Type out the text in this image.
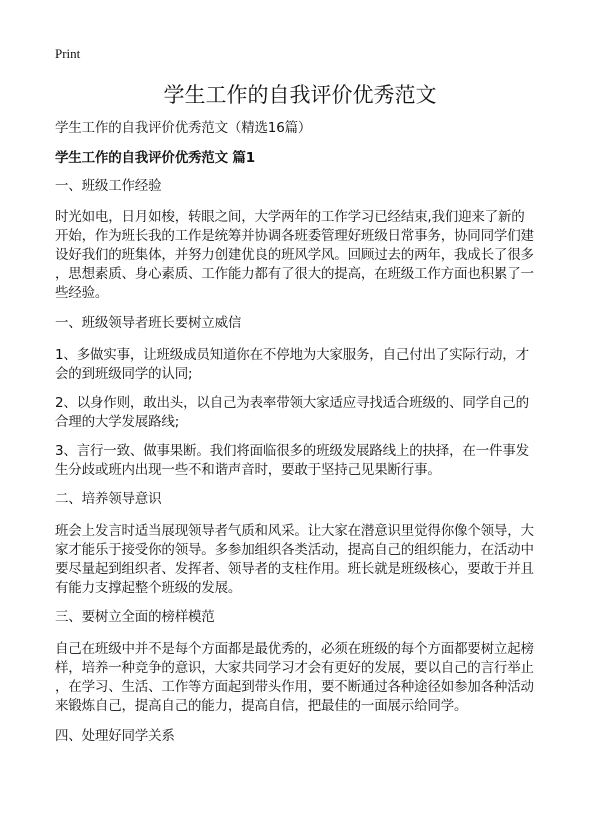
Print
学生工作的自我评价优秀范文
学生工作的自我评价优秀范文（精选16篇）
学生工作的自我评价优秀范文 篇1
一、班级工作经验
时光如电，日月如梭，转眼之间，大学两年的工作学习已经结束,我们迎来了新的
开始，作为班长我的工作是统筹并协调各班委管理好班级日常事务，协同同学们建
设好我们的班集体，并努力创建优良的班风学风。回顾过去的两年，我成长了很多
，思想素质、身心素质、工作能力都有了很大的提高，在班级工作方面也积累了一
些经验。
一、班级领导者班长要树立威信
1、多做实事，让班级成员知道你在不停地为大家服务，自己付出了实际行动，才
会的到班级同学的认同;
2、以身作则，敢出头，以自己为表率带领大家适应寻找适合班级的、同学自己的
合理的大学发展路线;
3、言行一致、做事果断。我们将面临很多的班级发展路线上的抉择，在一件事发
生分歧或班内出现一些不和谐声音时，要敢于坚持己见果断行事。
二、培养领导意识
班会上发言时适当展现领导者气质和风采。让大家在潜意识里觉得你像个领导，大
家才能乐于接受你的领导。多参加组织各类活动，提高自己的组织能力，在活动中
要尽量起到组织者、发挥者、领导者的支柱作用。班长就是班级核心，要敢于并且
有能力支撑起整个班级的发展。
三、要树立全面的榜样模范
自己在班级中并不是每个方面都是最优秀的，必须在班级的每个方面都要树立起榜
样，培养一种竞争的意识，大家共同学习才会有更好的发展，要以自己的言行举止
，在学习、生活、工作等方面起到带头作用，要不断通过各种途径如参加各种活动
来锻炼自己，提高自己的能力，提高自信，把最佳的一面展示给同学。
四、处理好同学关系
